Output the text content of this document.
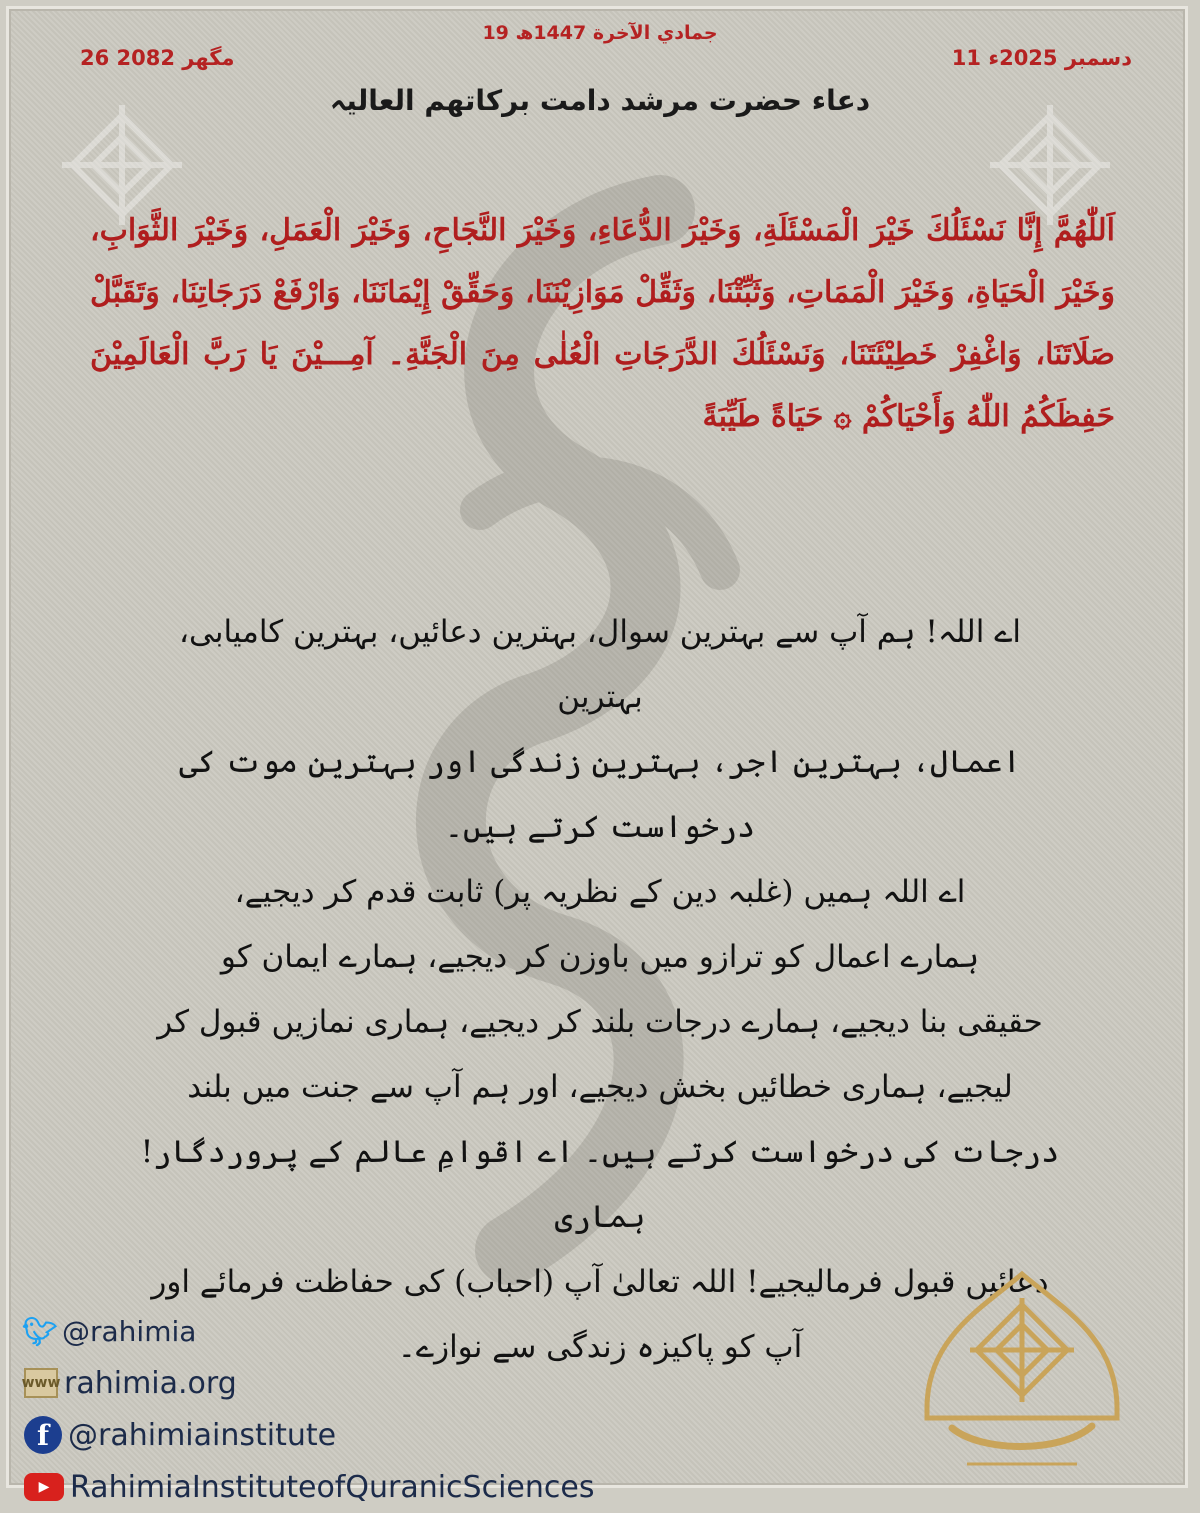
19 جمادي الآخرة 1447ھ
26 مگھر 2082	11 دسمبر 2025ء
دعاء حضرت مرشد دامت برکاتھم العالیہ
اَللّٰهُمَّ إِنَّا نَسْئَلُكَ خَيْرَ الْمَسْئَلَةِ، وَخَيْرَ الدُّعَاءِ، وَخَيْرَ النَّجَاحِ، وَخَيْرَ الْعَمَلِ، وَخَيْرَ الثَّوَابِ، وَخَيْرَ الْحَيَاةِ، وَخَيْرَ الْمَمَاتِ، وَثَبِّتْنَا، وَثَقِّلْ مَوَازِيْنَنَا، وَحَقِّقْ إِيْمَانَنَا، وَارْفَعْ دَرَجَاتِنَا، وَتَقَبَّلْ صَلَاتَنَا، وَاغْفِرْ خَطِيْئَتَنَا، وَنَسْئَلُكَ الدَّرَجَاتِ الْعُلٰى مِنَ الْجَنَّةِ۔ آمِـــيْنَ يَا رَبَّ الْعَالَمِيْنَ حَفِظَكُمُ اللّٰهُ وَأَحْيَاكُمْ ۞ حَيَاةً طَيِّبَةً

اے اللہ! ہم آپ سے بہترین سوال، بہترین دعائیں، بہترین کامیابی، بہترین

اعمال، بہترین اجر، بہترین زندگی اور بہترین موت کی درخواست کرتے ہیں۔

اے اللہ ہمیں (غلبہ دین کے نظریہ پر) ثابت قدم کر دیجیے،

ہمارے اعمال کو ترازو میں باوزن کر دیجیے، ہمارے ایمان کو

حقیقی بنا دیجیے، ہمارے درجات بلند کر دیجیے، ہماری نمازیں قبول کر

لیجیے، ہماری خطائیں بخش دیجیے، اور ہم آپ سے جنت میں بلند

درجات کی درخواست کرتے ہیں۔ اے اقوامِ عالم کے پروردگار! ہماری

دعائیں قبول فرمالیجیے! اللہ تعالیٰ آپ (احباب) کی حفاظت فرمائے اور

آپ کو پاکیزہ زندگی سے نوازے۔

🐦︎ @rahimia
www rahimia.org
f @rahimiainstitute
▶ RahimiaInstituteofQuranicSciences
